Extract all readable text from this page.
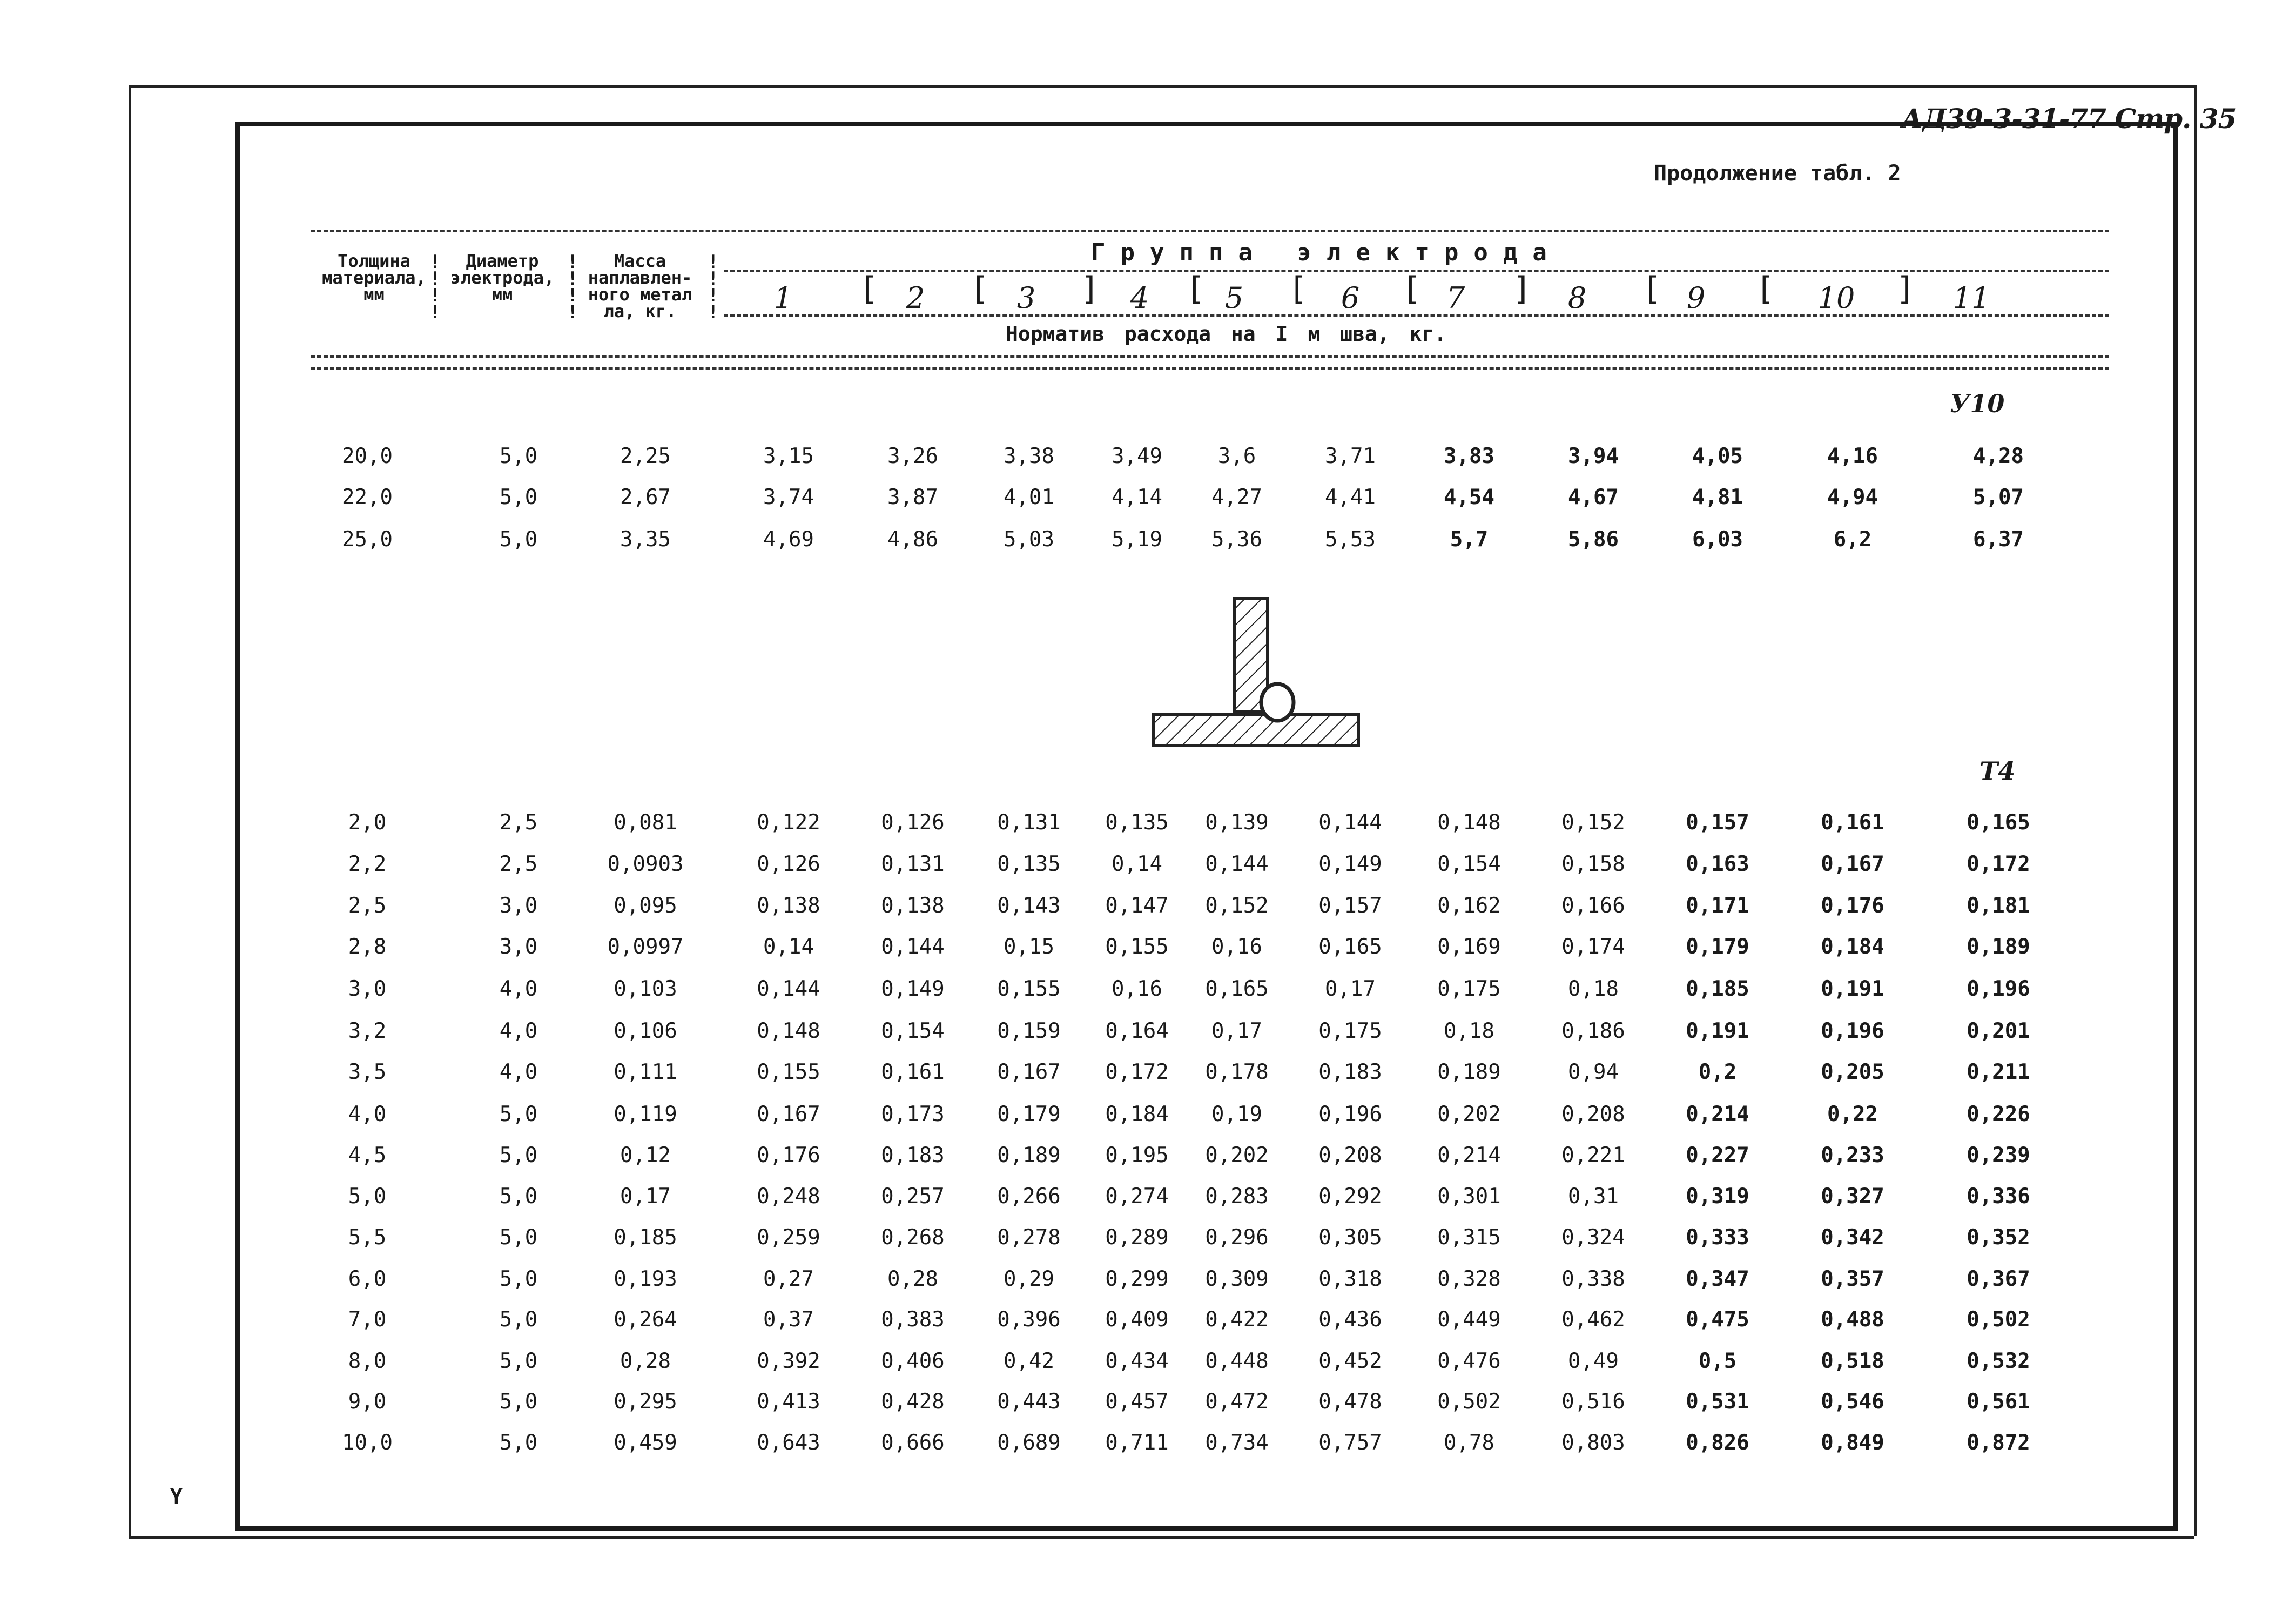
АД39-3-31-77 Стр. 35
Продолжение табл. 2
Толщина
материала,
мм
Диаметр
электрода,
мм
Масса
наплавлен-
ного метал
ла, кг.
!
!
!
!
!
!
!
!
!
!
!
!
Группа электрода
1	2	3	4	5	6	7	8	9	10	11
[	[	]	[	[	[	]	[	[	]
Норматив расхода на I м шва, кг.
У10
Т4
20,0	5,0	2,25	3,15	3,26	3,38	3,49	3,6	3,71	3,83	3,94	4,05	4,16	4,28
22,0	5,0	2,67	3,74	3,87	4,01	4,14	4,27	4,41	4,54	4,67	4,81	4,94	5,07
25,0	5,0	3,35	4,69	4,86	5,03	5,19	5,36	5,53	5,7	5,86	6,03	6,2	6,37
2,0	2,5	0,081	0,122	0,126	0,131	0,135	0,139	0,144	0,148	0,152	0,157	0,161	0,165
2,2	2,5	0,0903	0,126	0,131	0,135	0,14	0,144	0,149	0,154	0,158	0,163	0,167	0,172
2,5	3,0	0,095	0,138	0,138	0,143	0,147	0,152	0,157	0,162	0,166	0,171	0,176	0,181
2,8	3,0	0,0997	0,14	0,144	0,15	0,155	0,16	0,165	0,169	0,174	0,179	0,184	0,189
3,0	4,0	0,103	0,144	0,149	0,155	0,16	0,165	0,17	0,175	0,18	0,185	0,191	0,196
3,2	4,0	0,106	0,148	0,154	0,159	0,164	0,17	0,175	0,18	0,186	0,191	0,196	0,201
3,5	4,0	0,111	0,155	0,161	0,167	0,172	0,178	0,183	0,189	0,94	0,2	0,205	0,211
4,0	5,0	0,119	0,167	0,173	0,179	0,184	0,19	0,196	0,202	0,208	0,214	0,22	0,226
4,5	5,0	0,12	0,176	0,183	0,189	0,195	0,202	0,208	0,214	0,221	0,227	0,233	0,239
5,0	5,0	0,17	0,248	0,257	0,266	0,274	0,283	0,292	0,301	0,31	0,319	0,327	0,336
5,5	5,0	0,185	0,259	0,268	0,278	0,289	0,296	0,305	0,315	0,324	0,333	0,342	0,352
6,0	5,0	0,193	0,27	0,28	0,29	0,299	0,309	0,318	0,328	0,338	0,347	0,357	0,367
7,0	5,0	0,264	0,37	0,383	0,396	0,409	0,422	0,436	0,449	0,462	0,475	0,488	0,502
8,0	5,0	0,28	0,392	0,406	0,42	0,434	0,448	0,452	0,476	0,49	0,5	0,518	0,532
9,0	5,0	0,295	0,413	0,428	0,443	0,457	0,472	0,478	0,502	0,516	0,531	0,546	0,561
10,0	5,0	0,459	0,643	0,666	0,689	0,711	0,734	0,757	0,78	0,803	0,826	0,849	0,872
Y
